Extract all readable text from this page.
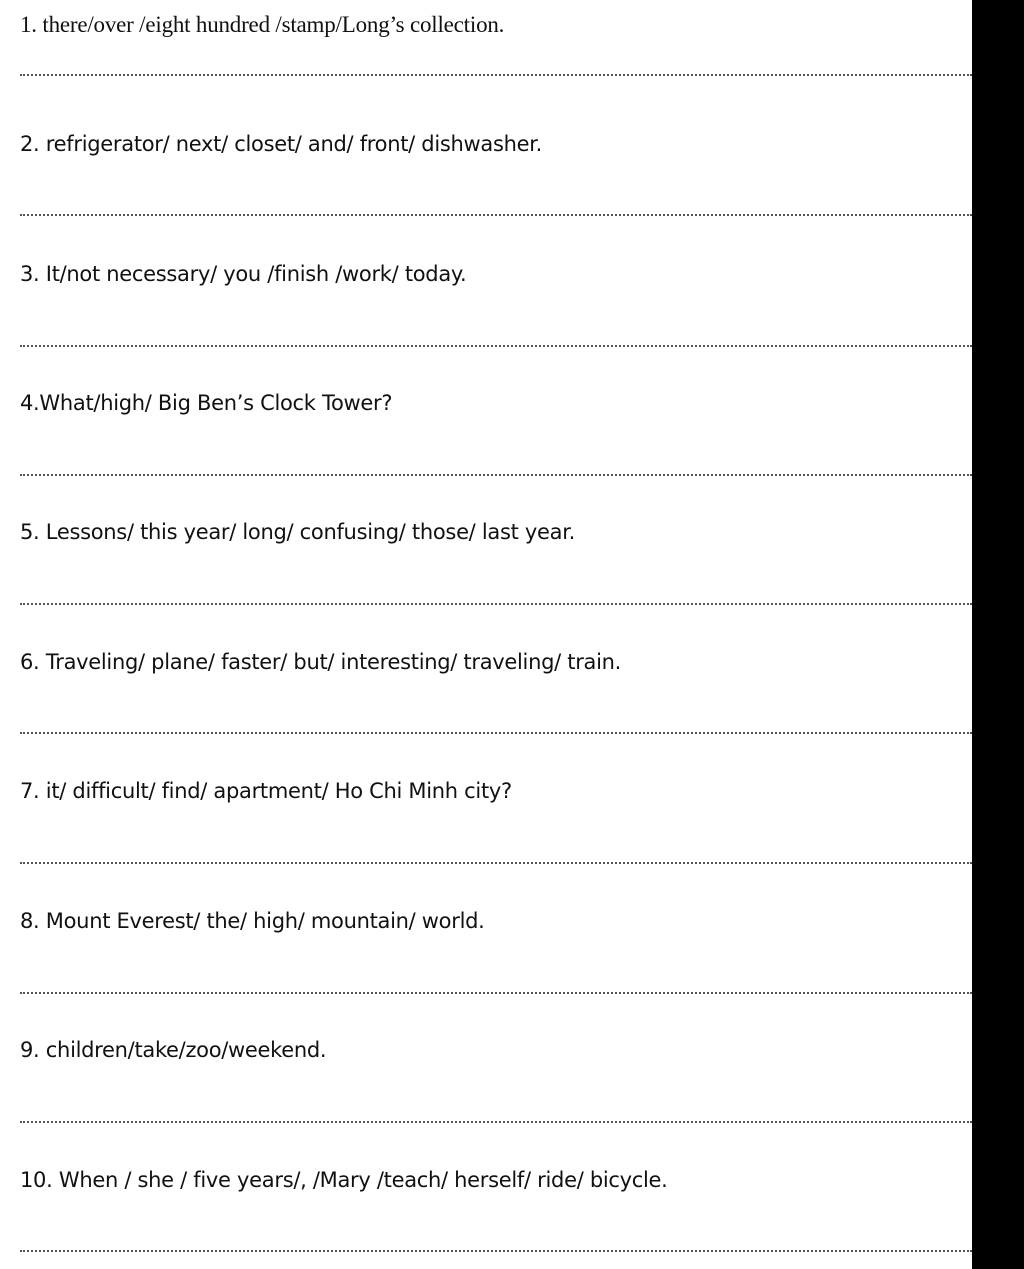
1. there/over /eight hundred /stamp/Long’s collection.
2. refrigerator/ next/ closet/ and/ front/ dishwasher.
3. It/not necessary/ you /finish /work/ today.
4.What/high/ Big Ben’s Clock Tower?
5. Lessons/ this year/ long/ confusing/ those/ last year.
6. Traveling/ plane/ faster/ but/ interesting/ traveling/ train.
7. it/ difficult/ find/ apartment/ Ho Chi Minh city?
8. Mount Everest/ the/ high/ mountain/ world.
9. children/take/zoo/weekend.
10. When / she / five years/, /Mary /teach/ herself/ ride/ bicycle.
